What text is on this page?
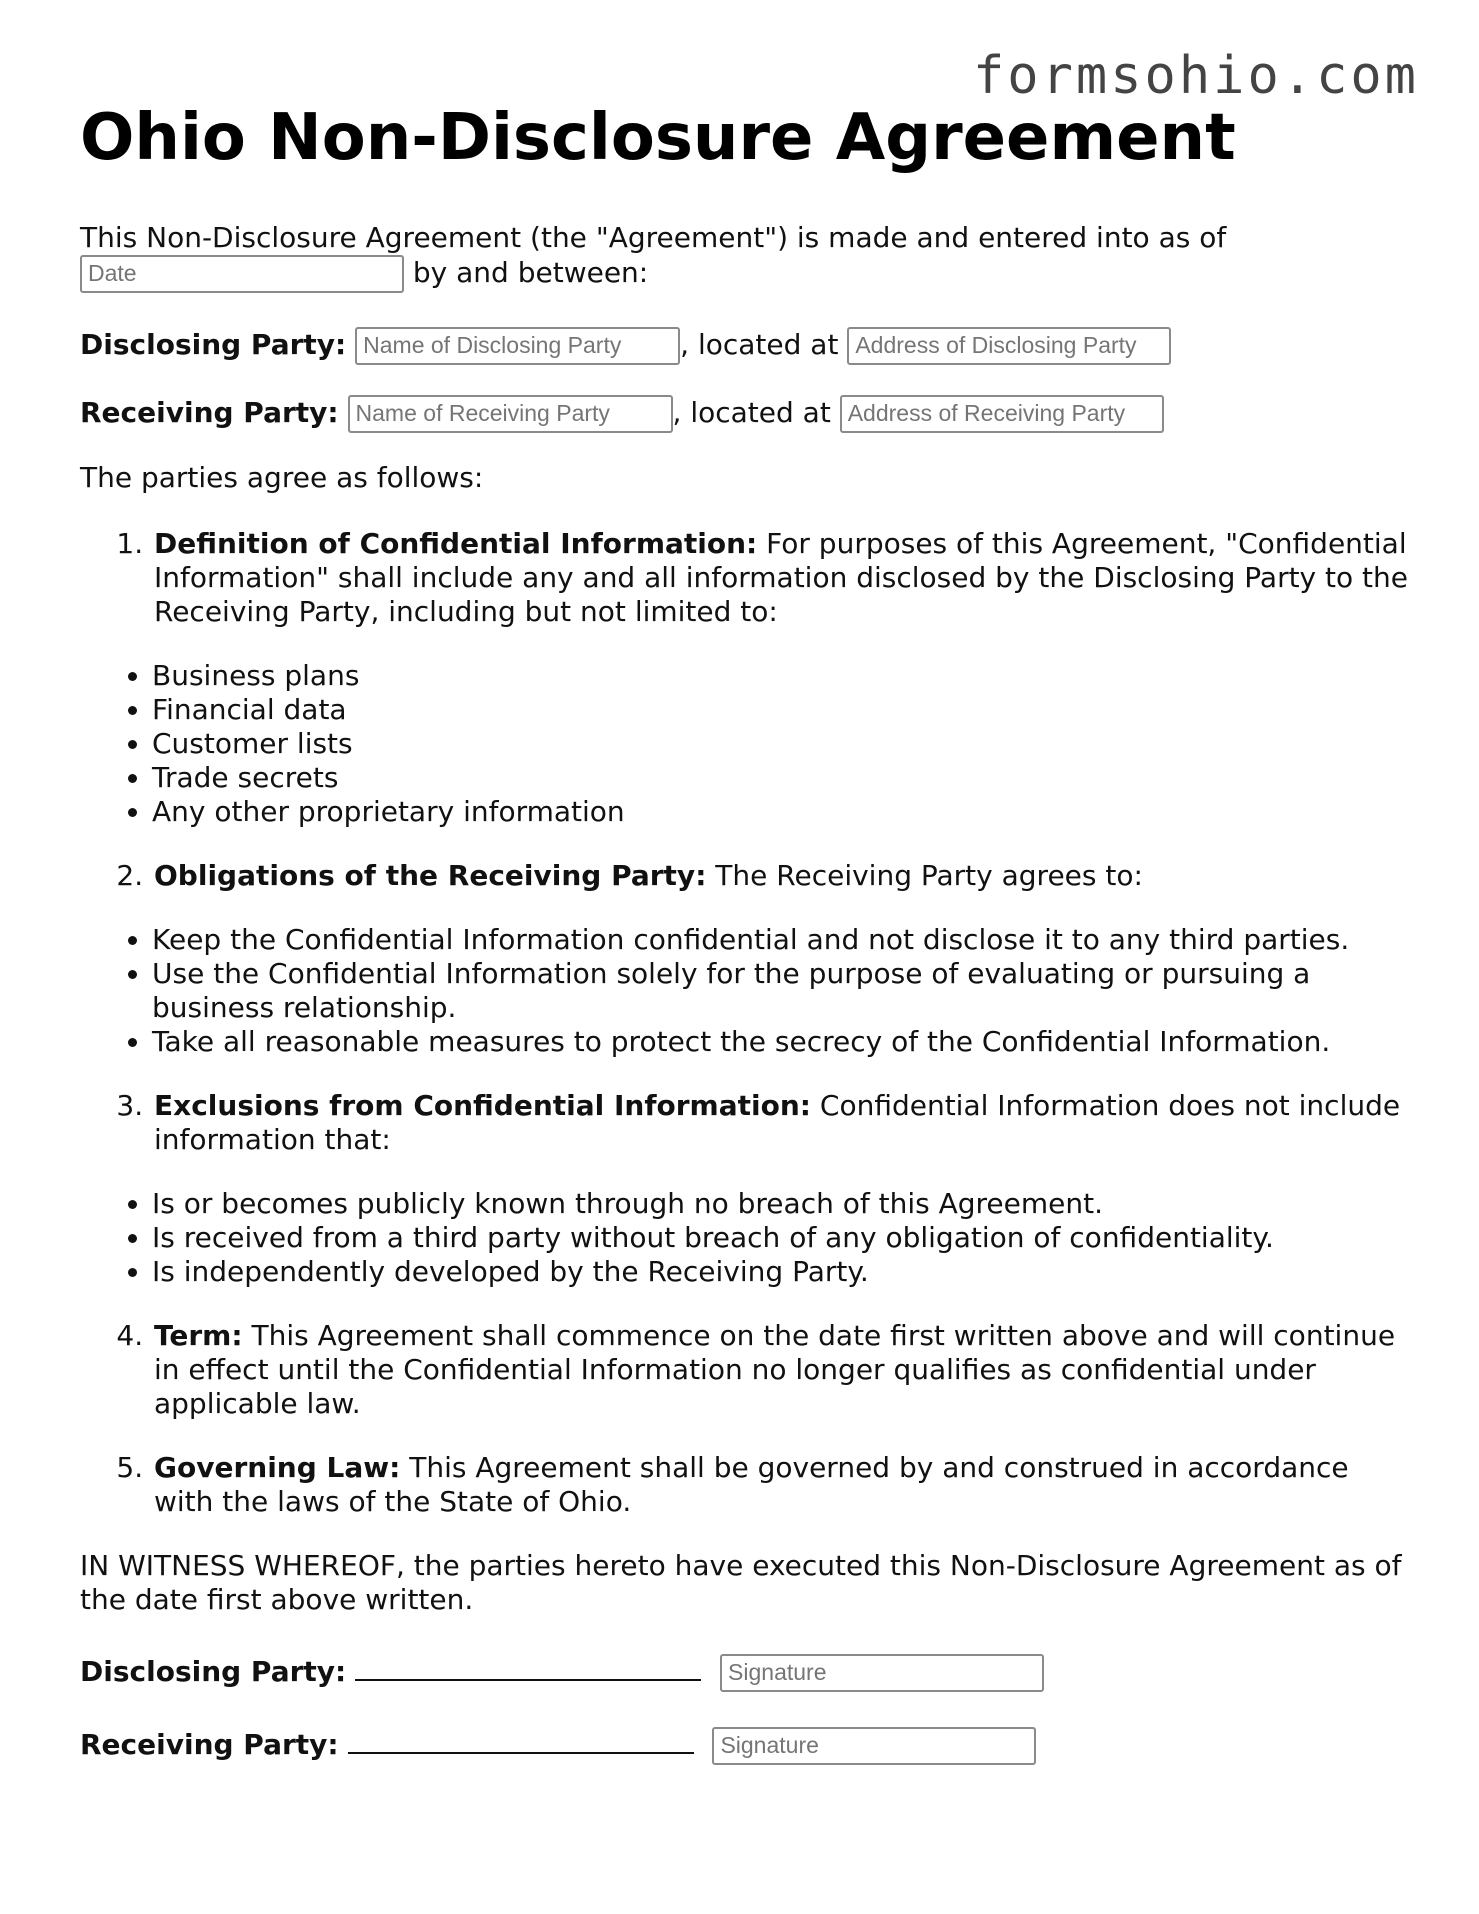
formsohio.com
Ohio Non-Disclosure Agreement

This Non-Disclosure Agreement (the "Agreement") is made and entered into as of
Date by and between:

Disclosing Party: Name of Disclosing Party	, located at Address of Disclosing Party

Receiving Party: Name of Receiving Party	, located at Address of Receiving Party

The parties agree as follows:

1. Definition of Confidential Information: For purposes of this Agreement, "Confidential Information" shall include any and all information disclosed by the Disclosing Party to the Receiving Party, including but not limited to:
• Business plans
• Financial data
• Customer lists
• Trade secrets
• Any other proprietary information
2. Obligations of the Receiving Party: The Receiving Party agrees to:
• Keep the Confidential Information confidential and not disclose it to any third parties.
• Use the Confidential Information solely for the purpose of evaluating or pursuing a business relationship.
• Take all reasonable measures to protect the secrecy of the Confidential Information.
3. Exclusions from Confidential Information: Confidential Information does not include information that:
• Is or becomes publicly known through no breach of this Agreement.
• Is received from a third party without breach of any obligation of confidentiality.
• Is independently developed by the Receiving Party.
4. Term: This Agreement shall commence on the date first written above and will continue in effect until the Confidential Information no longer qualifies as confidential under applicable law.
5. Governing Law: This Agreement shall be governed by and construed in accordance with the laws of the State of Ohio.

IN WITNESS WHEREOF, the parties hereto have executed this Non-Disclosure Agreement as of the date first above written.

Disclosing Party:  Signature

Receiving Party:  Signature
